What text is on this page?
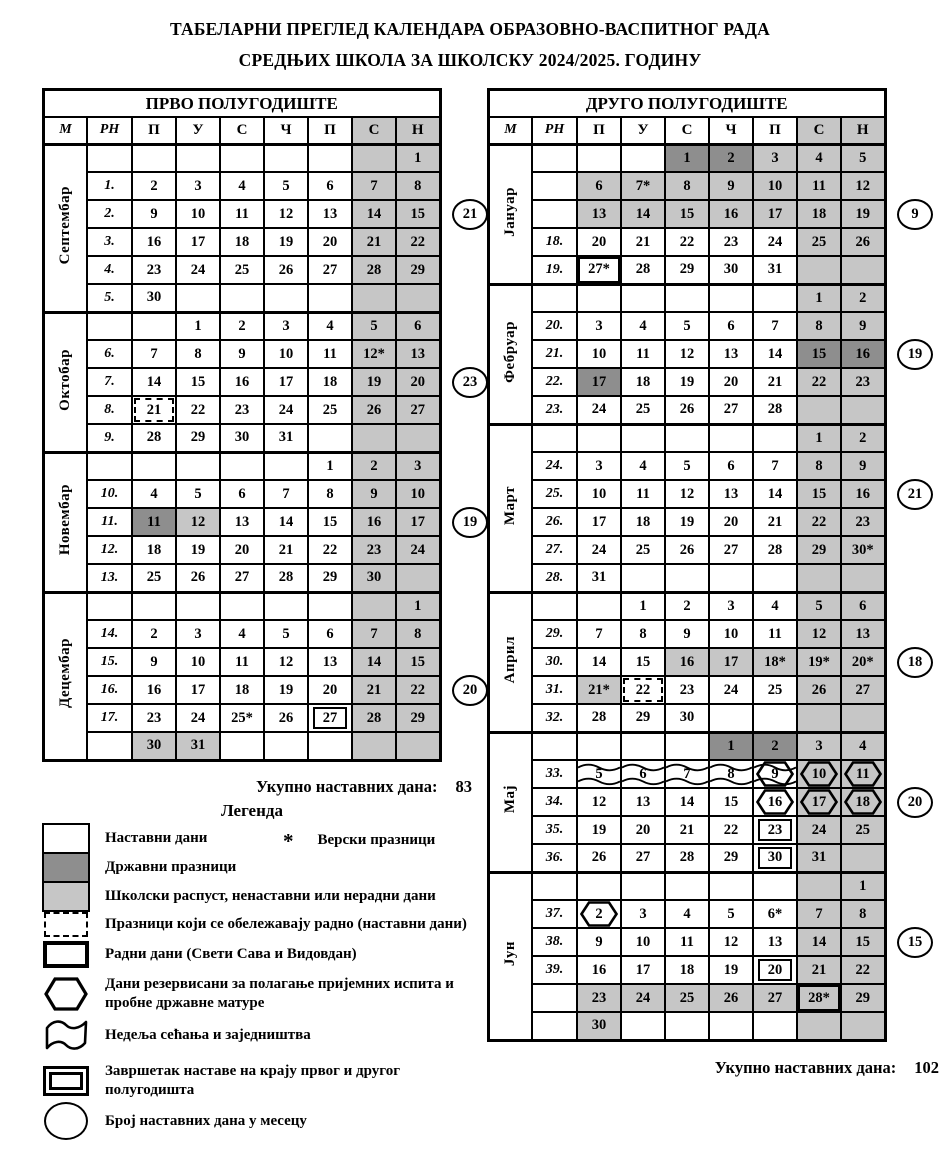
ТАБЕЛАРНИ ПРЕГЛЕД КАЛЕНДАРА ОБРАЗОВНО-ВАСПИТНОГ РАДА
СРЕДЊИХ ШКОЛА ЗА ШКОЛСКУ 2024/2025. ГОДИНУ
ПРВО ПОЛУГОДИШТЕ								
М	РН	П	У	С	Ч	П	С	Н
Септембар								1
	1.	2	3	4	5	6	7	8
	2.	9	10	11	12	13	14	15
	3.	16	17	18	19	20	21	22
	4.	23	24	25	26	27	28	29
	5.	30						
Октобар			1	2	3	4	5	6
	6.	7	8	9	10	11	12*	13
	7.	14	15	16	17	18	19	20
	8.	21	22	23	24	25	26	27
	9.	28	29	30	31			
Новембар						1	2	3
	10.	4	5	6	7	8	9	10
	11.	11	12	13	14	15	16	17
	12.	18	19	20	21	22	23	24
	13.	25	26	27	28	29	30	
Децембар								1
	14.	2	3	4	5	6	7	8
	15.	9	10	11	12	13	14	15
	16.	16	17	18	19	20	21	22
	17.	23	24	25*	26	27	28	29
		30	31					
21
23
19
20
ДРУГО ПОЛУГОДИШТЕ								
М	РН	П	У	С	Ч	П	С	Н
Јануар				1	2	3	4	5
		6	7*	8	9	10	11	12
		13	14	15	16	17	18	19
	18.	20	21	22	23	24	25	26
	19.	27*	28	29	30	31		
Фебруар							1	2
	20.	3	4	5	6	7	8	9
	21.	10	11	12	13	14	15	16
	22.	17	18	19	20	21	22	23
	23.	24	25	26	27	28		
Март							1	2
	24.	3	4	5	6	7	8	9
	25.	10	11	12	13	14	15	16
	26.	17	18	19	20	21	22	23
	27.	24	25	26	27	28	29	30*
	28.	31						
Април			1	2	3	4	5	6
	29.	7	8	9	10	11	12	13
	30.	14	15	16	17	18*	19*	20*
	31.	21*	22	23	24	25	26	27
	32.	28	29	30				
Мај					1	2	3	4
	33.	5	6	7	8	9	10	11
	34.	12	13	14	15	16	17	18
	35.	19	20	21	22	23	24	25
	36.	26	27	28	29	30	31	
Јун								1
	37.	2	3	4	5	6*	7	8
	38.	9	10	11	12	13	14	15
	39.	16	17	18	19	20	21	22
		23	24	25	26	27	28*	29
		30						
9
19
21
18
20
15
Укупно наставних дана: 83
Укупно наставних дана: 102
Легенда
Наставни дани	* Верски празници
Државни празници
Школски распуст, ненаставни или нерадни дани
Празници који се обележавају радно (наставни дани)
Радни дани (Свети Сава и Видовдан)
Дани резервисани за полагање пријемних испита и пробне државне матуре
Недеља сећања и заједништва
Завршетак наставе на крају првог и другог полугодишта
Број наставних дана у месецу
